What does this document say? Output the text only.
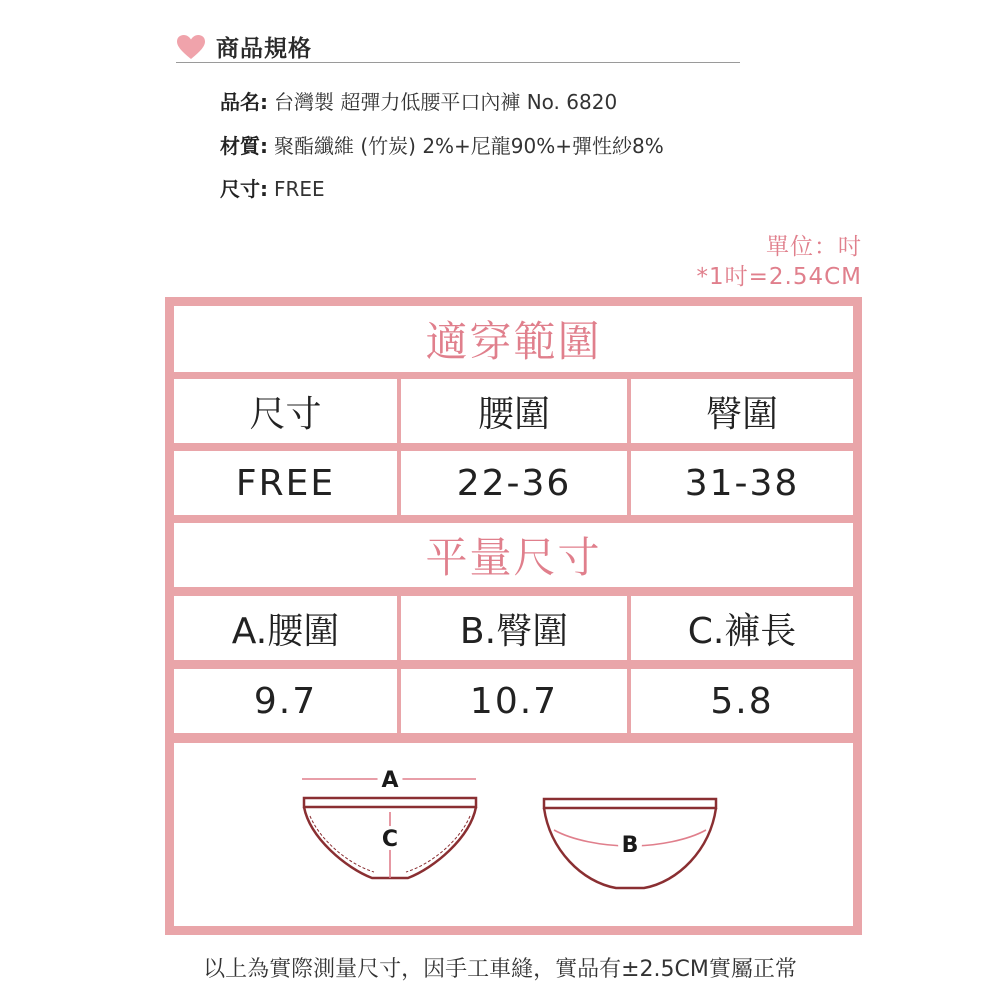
商品規格
品名: 台灣製 超彈力低腰平口內褲 No. 6820
材質: 聚酯纖維 (竹炭) 2%+尼龍90%+彈性紗8%
尺寸: FREE
單位：吋
*1吋=2.54CM
適穿範圍
尺寸	腰圍	臀圍
FREE	22-36	31-38
平量尺寸
A.腰圍	B.臀圍	C.褲長
9.7	10.7	5.8
A
C	B
以上為實際測量尺寸，因手工車縫，實品有±2.5CM實屬正常
